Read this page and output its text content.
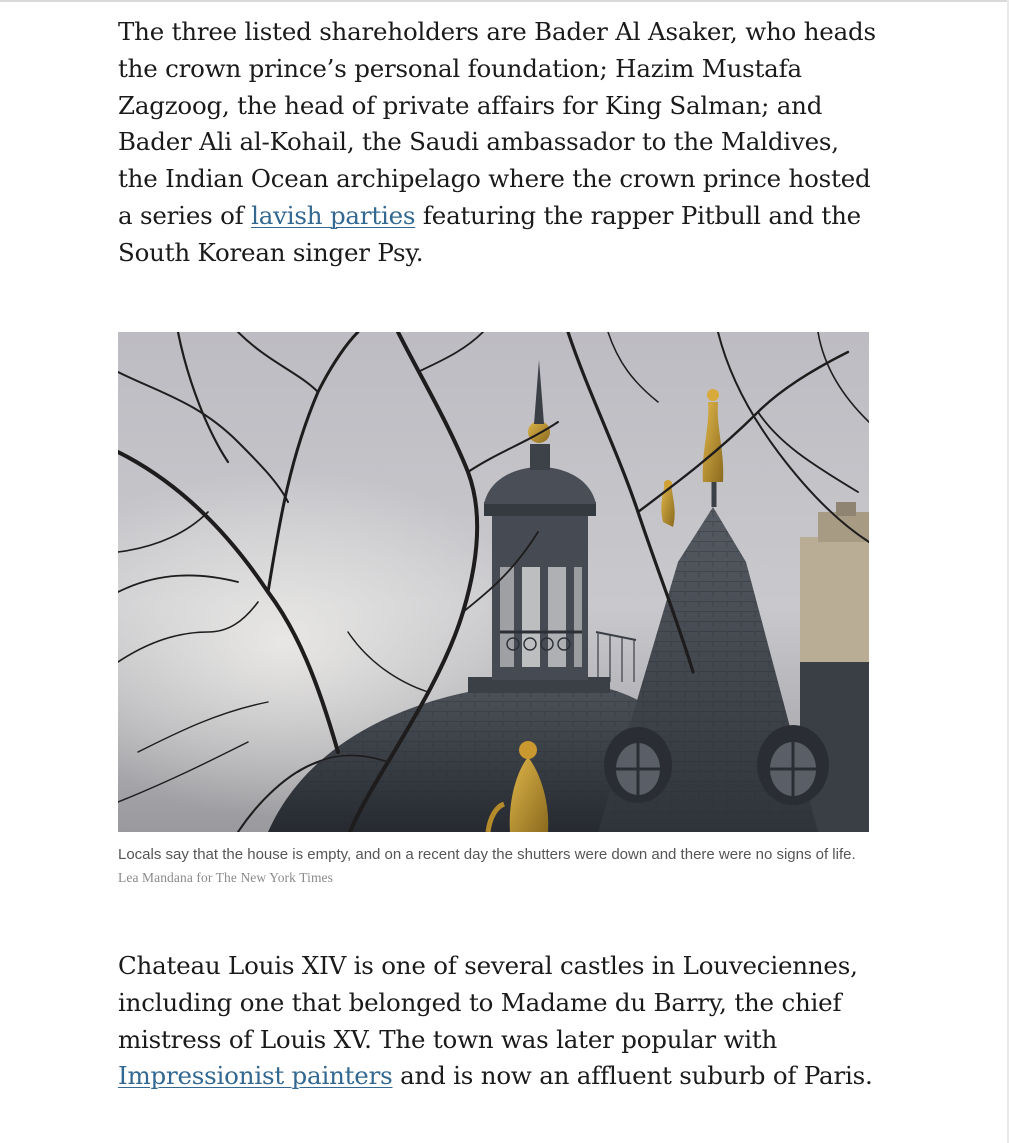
The three listed shareholders are Bader Al Asaker, who heads the crown prince’s personal foundation; Hazim Mustafa Zagzoog, the head of private affairs for King Salman; and Bader Ali al-Kohail, the Saudi ambassador to the Maldives, the Indian Ocean archipelago where the crown prince hosted a series of lavish parties featuring the rapper Pitbull and the South Korean singer Psy.

Locals say that the house is empty, and on a recent day the shutters were down and there were no signs of life. Lea Mandana for The New York Times

Chateau Louis XIV is one of several castles in Louveciennes, including one that belonged to Madame du Barry, the chief mistress of Louis XV. The town was later popular with Impressionist painters and is now an affluent suburb of Paris.
